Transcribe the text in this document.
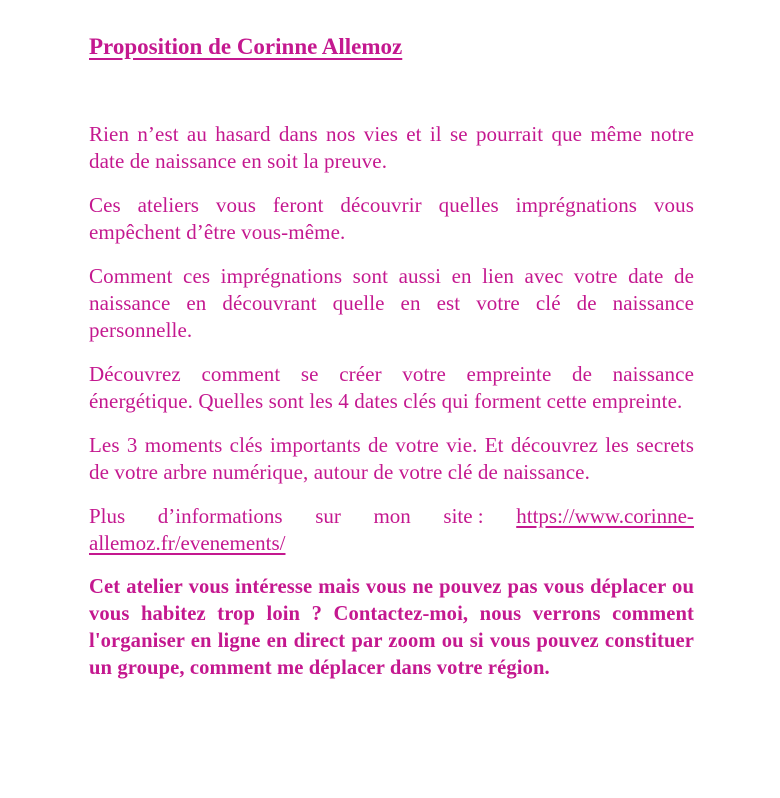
Proposition de Corinne Allemoz

Rien n’est au hasard dans nos vies et il se pourrait que même notre date de naissance en soit la preuve.

Ces ateliers vous feront découvrir quelles imprégnations vous empêchent d’être vous-même.

Comment ces imprégnations sont aussi en lien avec votre date de naissance en découvrant quelle en est votre clé de naissance personnelle.

Découvrez comment se créer votre empreinte de naissance énergétique. Quelles sont les 4 dates clés qui forment cette empreinte.

Les 3 moments clés importants de votre vie. Et découvrez les secrets de votre arbre numérique, autour de votre clé de naissance.

Plus d’informations sur mon site : https://www.corinne-
allemoz.fr/evenements/

Cet atelier vous intéresse mais vous ne pouvez pas vous déplacer ou vous habitez trop loin ? Contactez-moi, nous verrons comment l'organiser en ligne en direct par zoom ou si vous pouvez constituer un groupe, comment me déplacer dans votre région.
